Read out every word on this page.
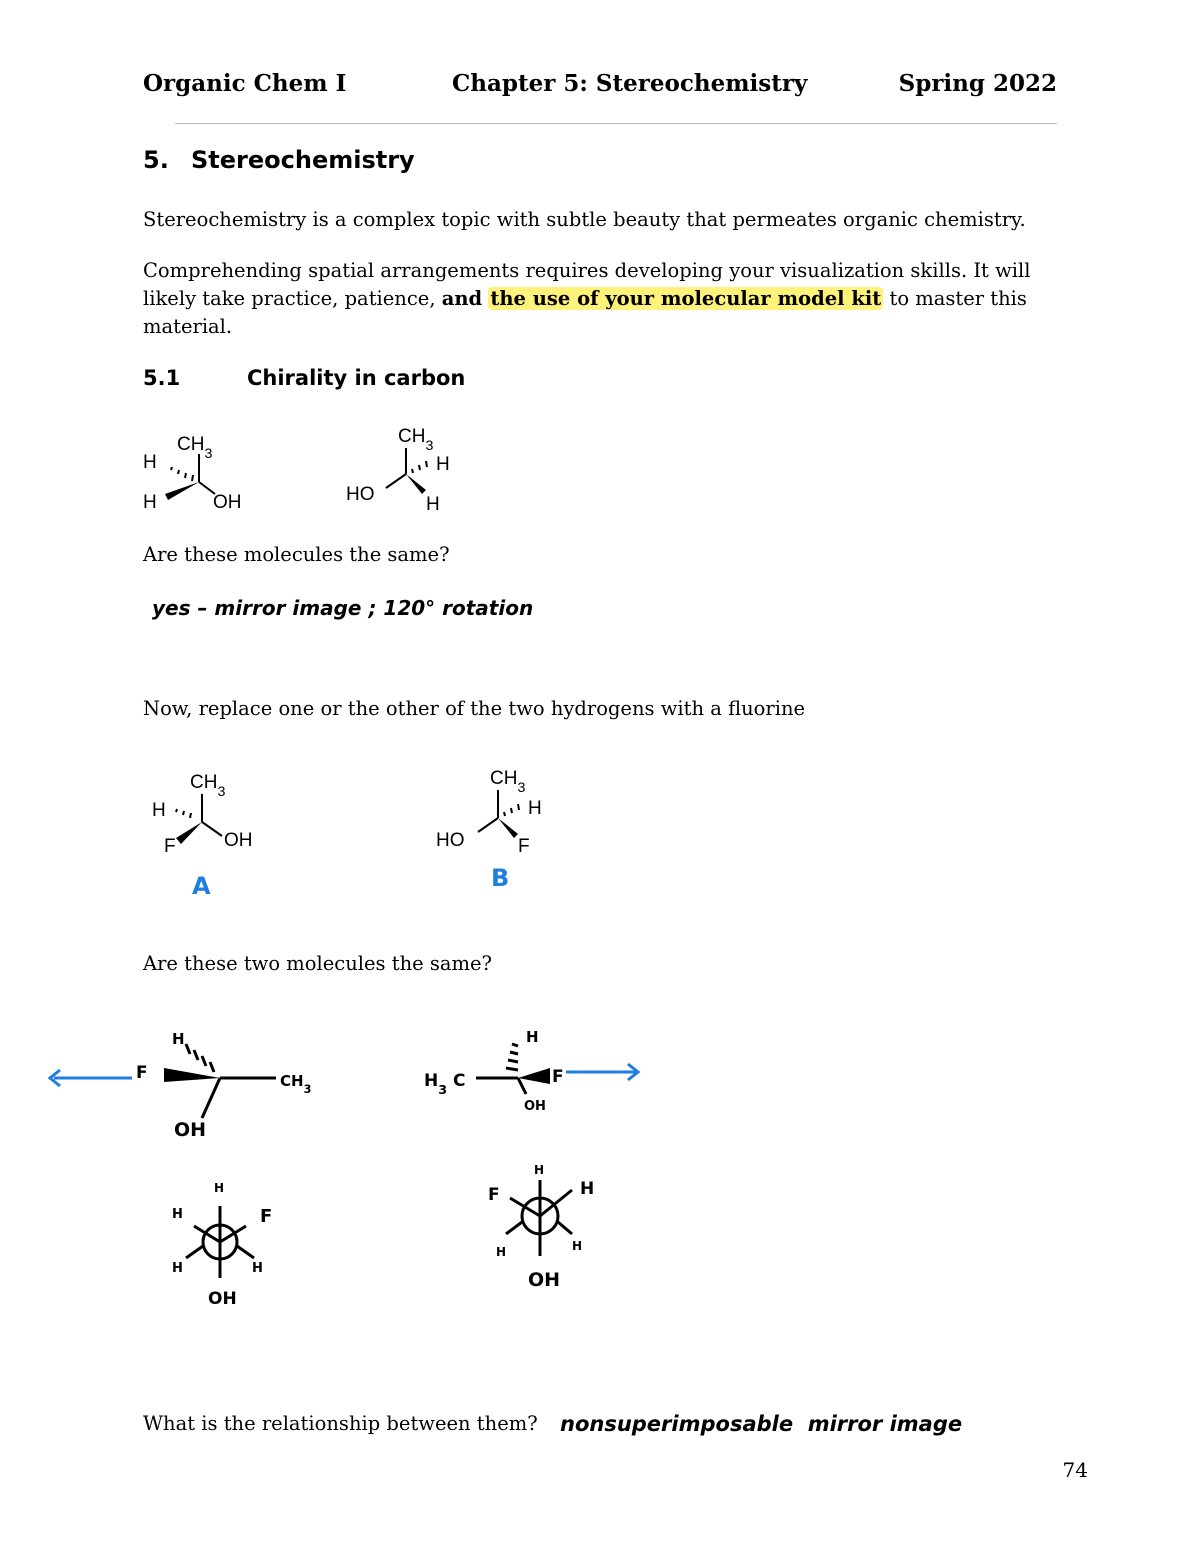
Organic Chem I	Chapter 5: Stereochemistry	Spring 2022
5. Stereochemistry
Stereochemistry is a complex topic with subtle beauty that permeates organic chemistry.
Comprehending spatial arrangements requires developing your visualization skills. It will likely take practice, patience, and the use of your molecular model kit to master this material.
5.1	Chirality in carbon
$CH_3$
H
H	OH
$CH_3$
H
HO	H
Are these molecules the same?
yes – mirror image ; 120° rotation
Now, replace one or the other of the two hydrogens with a fluorine
$CH_3$
H
F	OH
A
$CH_3$
H
HO	F
B
Are these two molecules the same?
F
H
$CH_3$
OH
$H_3$ C
H
F
OH
H
H	F
H	H
OH
H
F	H
H	H
OH
What is the relationship between them?	nonsuperimposable  mirror image
74
